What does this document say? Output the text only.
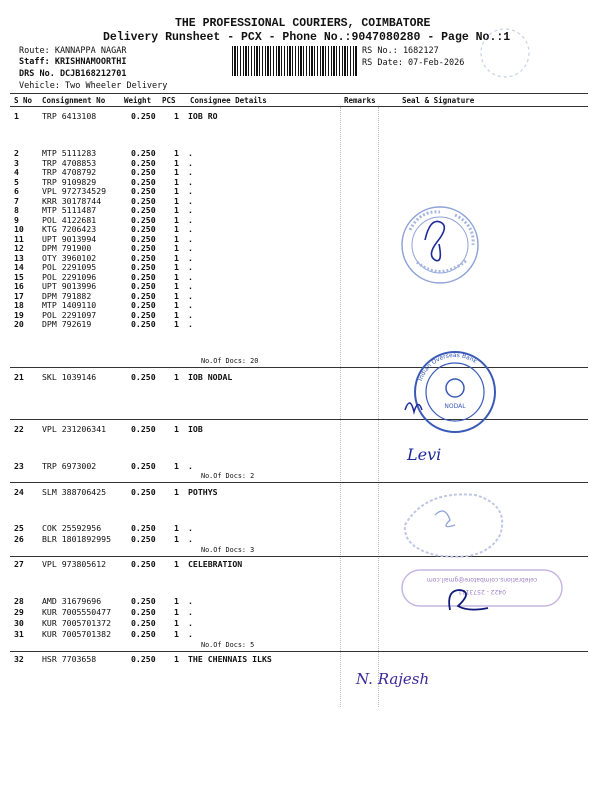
THE PROFESSIONAL COURIERS, COIMBATORE
Delivery Runsheet - PCX - Phone No.:9047080280 - Page No.:1
Route: KANNAPPA NAGAR
Staff: KRISHNAMOORTHI
DRS No. DCJB168212701
Vehicle: Two Wheeler Delivery
RS No.: 1682127
RS Date: 07-Feb-2026
S No Consignment No	Weight PCS Consignee Details	Remarks	Seal & Signature
1	TRP 6413108	0.250 1 IOB RO
2	MTP 5111283	0.250 1 .
3	TRP 4708853	0.250 1 .
4	TRP 4708792	0.250 1 .
5	TRP 9109829	0.250 1 .
6	VPL 972734529	0.250 1 .
7	KRR 30178744	0.250 1 .
8	MTP 5111487	0.250 1 .
9	POL 4122681	0.250 1 .
10 KTG 7206423	0.250 1 .
11 UPT 9013994	0.250 1 .
12 DPM 791900	0.250 1 .
13 OTY 3960102	0.250 1 .
14 POL 2291095	0.250 1 .
15 POL 2291096	0.250 1 .
16 UPT 9013996	0.250 1 .
17 DPM 791882	0.250 1 .
18 MTP 1409110	0.250 1 .
19 POL 2291097	0.250 1 .
20 DPM 792619	0.250 1 .
21 SKL 1039146	0.250 1 IOB NODAL
22 VPL 231206341	0.250 1 IOB
23 TRP 6973002	0.250 1 .
24 SLM 388706425	0.250 1 POTHYS
25 COK 25592956	0.250 1 .
26 BLR 1801892995 0.250 1 .
27 VPL 973805612	0.250 1 CELEBRATION
28 AMD 31679696	0.250 1 .
29 KUR 7005550477 0.250 1 .
30 KUR 7005701372 0.250 1 .
31 KUR 7005701382 0.250 1 .
32 HSR 7703658	0.250 1 THE CHENNAIS ILKS
No.Of Docs: 20
No.Of Docs: 2
No.Of Docs: 3
No.Of Docs: 5
NODAL
Indian Overseas Bank
Levi
celebrations.coimbatore@gmail.com
0422 - 2573111
N. Rajesh
